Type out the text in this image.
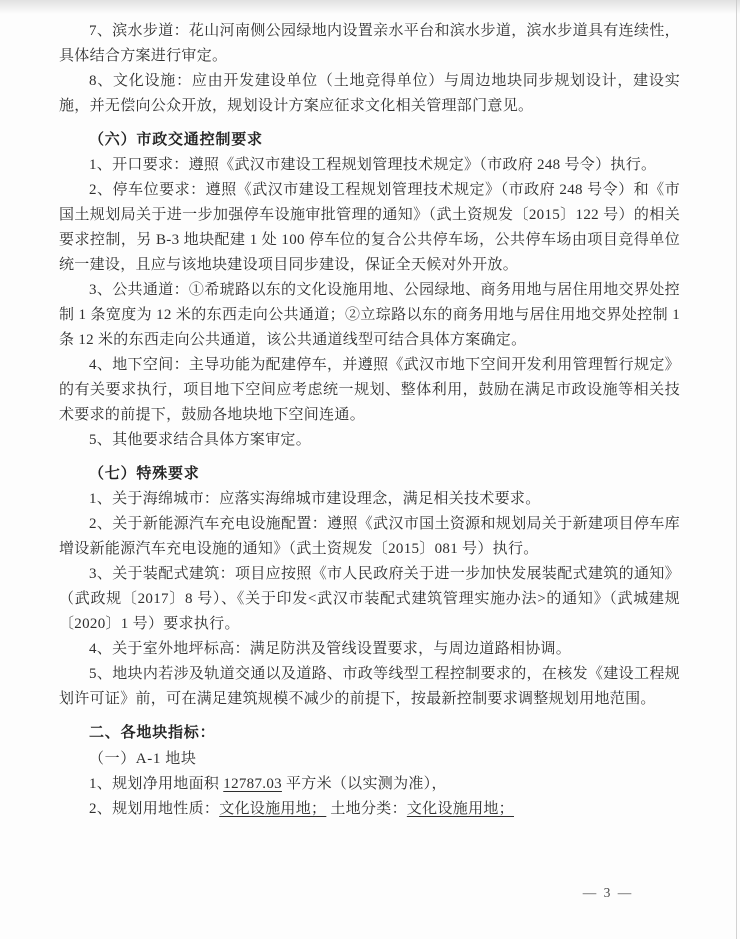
7、滨水步道：花山河南侧公园绿地内设置亲水平台和滨水步道，滨水步道具有连续性，具体结合方案进行审定。

8、文化设施：应由开发建设单位（土地竞得单位）与周边地块同步规划设计，建设实施，并无偿向公众开放，规划设计方案应征求文化相关管理部门意见。

（六）市政交通控制要求

1、开口要求：遵照《武汉市建设工程规划管理技术规定》（市政府 248 号令）执行。

2、停车位要求：遵照《武汉市建设工程规划管理技术规定》（市政府 248 号令）和《市国土规划局关于进一步加强停车设施审批管理的通知》（武土资规发〔2015〕122 号）的相关要求控制，另 B-3 地块配建 1 处 100 停车位的复合公共停车场，公共停车场由项目竞得单位统一建设，且应与该地块建设项目同步建设，保证全天候对外开放。

3、公共通道：①希琥路以东的文化设施用地、公园绿地、商务用地与居住用地交界处控制 1 条宽度为 12 米的东西走向公共通道；②立琮路以东的商务用地与居住用地交界处控制 1 条 12 米的东西走向公共通道，该公共通道线型可结合具体方案确定。

4、地下空间：主导功能为配建停车，并遵照《武汉市地下空间开发利用管理暂行规定》的有关要求执行，项目地下空间应考虑统一规划、整体利用，鼓励在满足市政设施等相关技术要求的前提下，鼓励各地块地下空间连通。

5、其他要求结合具体方案审定。

（七）特殊要求

1、关于海绵城市：应落实海绵城市建设理念，满足相关技术要求。

2、关于新能源汽车充电设施配置：遵照《武汉市国土资源和规划局关于新建项目停车库增设新能源汽车充电设施的通知》（武土资规发〔2015〕081 号）执行。

3、关于装配式建筑：项目应按照《市人民政府关于进一步加快发展装配式建筑的通知》（武政规〔2017〕8 号）、《关于印发<武汉市装配式建筑管理实施办法>的通知》（武城建规〔2020〕1 号）要求执行。

4、关于室外地坪标高：满足防洪及管线设置要求，与周边道路相协调。

5、地块内若涉及轨道交通以及道路、市政等线型工程控制要求的，在核发《建设工程规划许可证》前，可在满足建筑规模不减少的前提下，按最新控制要求调整规划用地范围。

二、各地块指标：

（一）A-1 地块

1、规划净用地面积 12787.03 平方米（以实测为准），

2、规划用地性质：文化设施用地； 土地分类：文化设施用地；

— 3 —
